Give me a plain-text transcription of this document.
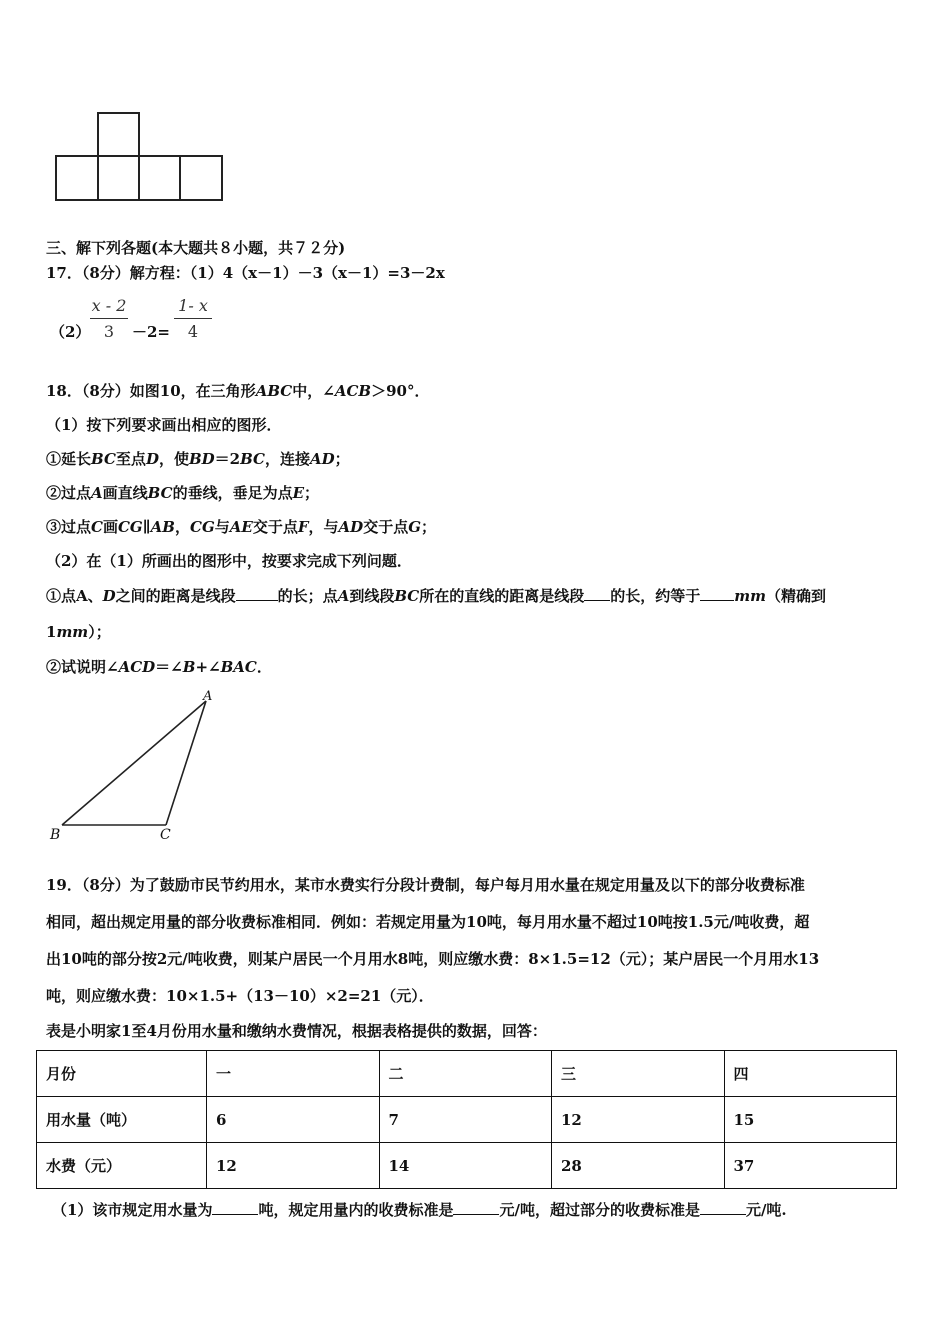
三、解下列各题(本大题共８小题，共７２分)
17．（8分）解方程：（1）4（x－1）－3（x－1）=3－2x
（2）
x - 2
3	－2=
1- x
4
18．（8分）如图10，在三角形ABC中，∠ACB＞90°．
（1）按下列要求画出相应的图形．
①延长BC至点D，使BD＝2BC，连接AD；
②过点A画直线BC的垂线，垂足为点E；
③过点C画CG∥AB，CG与AE交于点F，与AD交于点G；
（2）在（1）所画出的图形中，按要求完成下列问题．
①点A、D之间的距离是线段	的长；点A到线段BC所在的直线的距离是线段 的长，约等于 mm（精确到
1mm）；
②试说明∠ACD＝∠B+∠BAC．
A
B	C
19．（8分）为了鼓励市民节约用水，某市水费实行分段计费制，每户每月用水量在规定用量及以下的部分收费标准
相同，超出规定用量的部分收费标准相同．例如：若规定用量为10吨，每月用水量不超过10吨按1.5元/吨收费，超
出10吨的部分按2元/吨收费，则某户居民一个月用水8吨，则应缴水费：8×1.5=12（元）；某户居民一个月用水13
吨，则应缴水费：10×1.5+（13－10）×2=21（元）．
表是小明家1至4月份用水量和缴纳水费情况，根据表格提供的数据，回答：
月份	一	二	三	四
用水量（吨）	6	7	12	15
水费（元）	12	14	28	37
（1）该市规定用水量为	吨，规定用量内的收费标准是	元/吨，超过部分的收费标准是	元/吨.
